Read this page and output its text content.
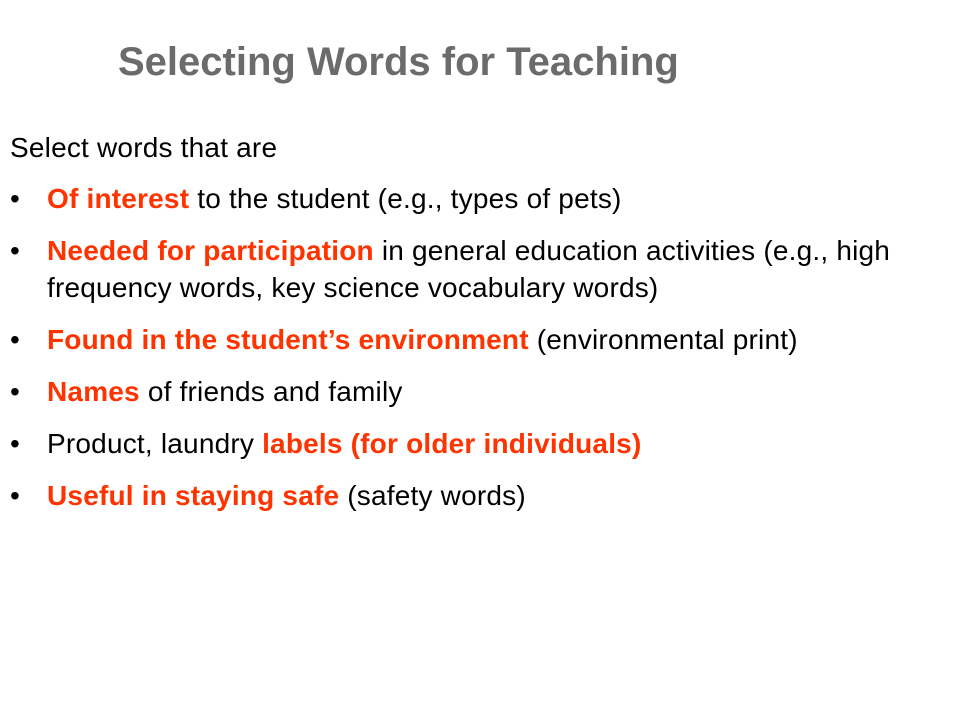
Selecting Words for Teaching

Select words that are

• Of interest to the student (e.g., types of pets)
• Needed for participation in general education activities (e.g., high frequency words, key science vocabulary words)
• Found in the student’s environment (environmental print)
• Names of friends and family
• Product, laundry labels (for older individuals)
• Useful in staying safe (safety words)
